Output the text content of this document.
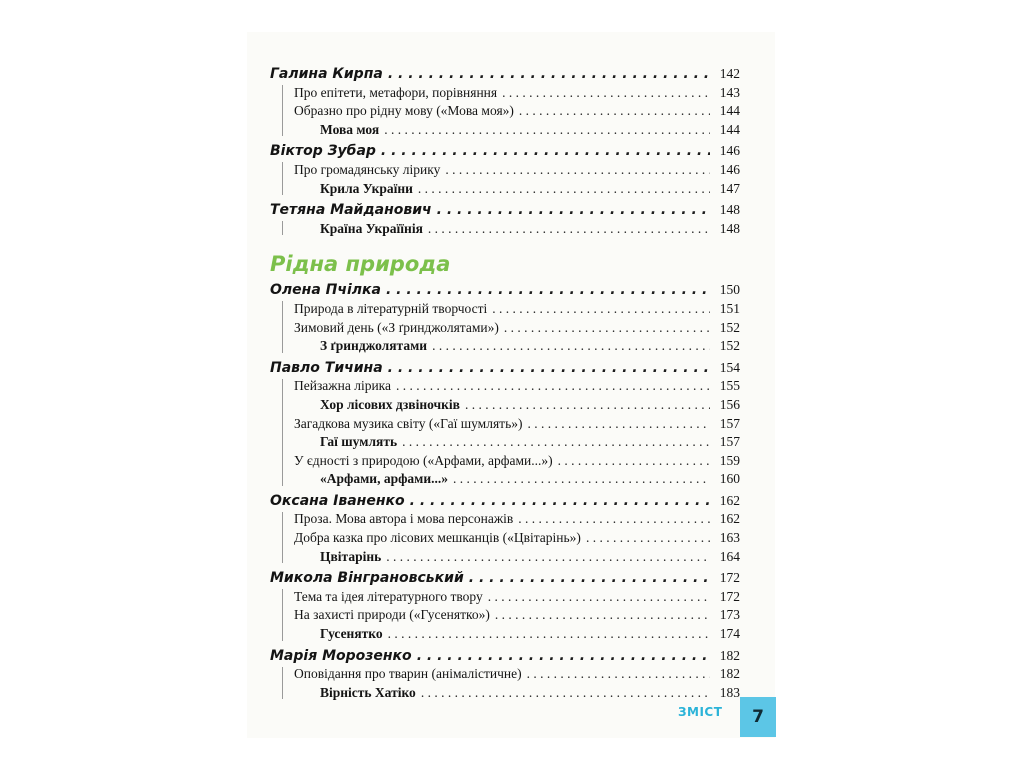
Галина Кирпа . . .	142
Про епітети, метафори, порівняння . . .	143
Образно про рідну мову («Мова моя») . . .	144
Мова моя . . .	144
Віктор Зубар . . .	146
Про громадянську лірику . . .	146
Крила України . . .	147
Тетяна Майданович . . .	148
Країна Україїнія . . .	148
Рідна природа
Олена Пчілка . . .	150
Природа в літературній творчості . . .	151
Зимовий день («З ґринджолятами») . . .	152
З ґринджолятами . . .	152
Павло Тичина . . .	154
Пейзажна лірика . . .	155
Хор лісових дзвіночків . . .	156
Загадкова музика світу («Гаї шумлять») . . .	157
Гаї шумлять . . .	157
У єдності з природою («Арфами, арфами...») . . .	159
«Арфами, арфами...» . . .	160
Оксана Іваненко . . .	162
Проза. Мова автора і мова персонажів . . .	162
Добра казка про лісових мешканців («Цвітарінь») . . .	163
Цвітарінь . . .	164
Микола Вінграновський . . .	172
Тема та ідея літературного твору . . .	172
На захисті природи («Гусенятко») . . .	173
Гусенятко . . .	174
Марія Морозенко . . .	182
Оповідання про тварин (анімалістичне) . . .	182
Вірність Хатіко . . .	183
ЗМІСТ	7
